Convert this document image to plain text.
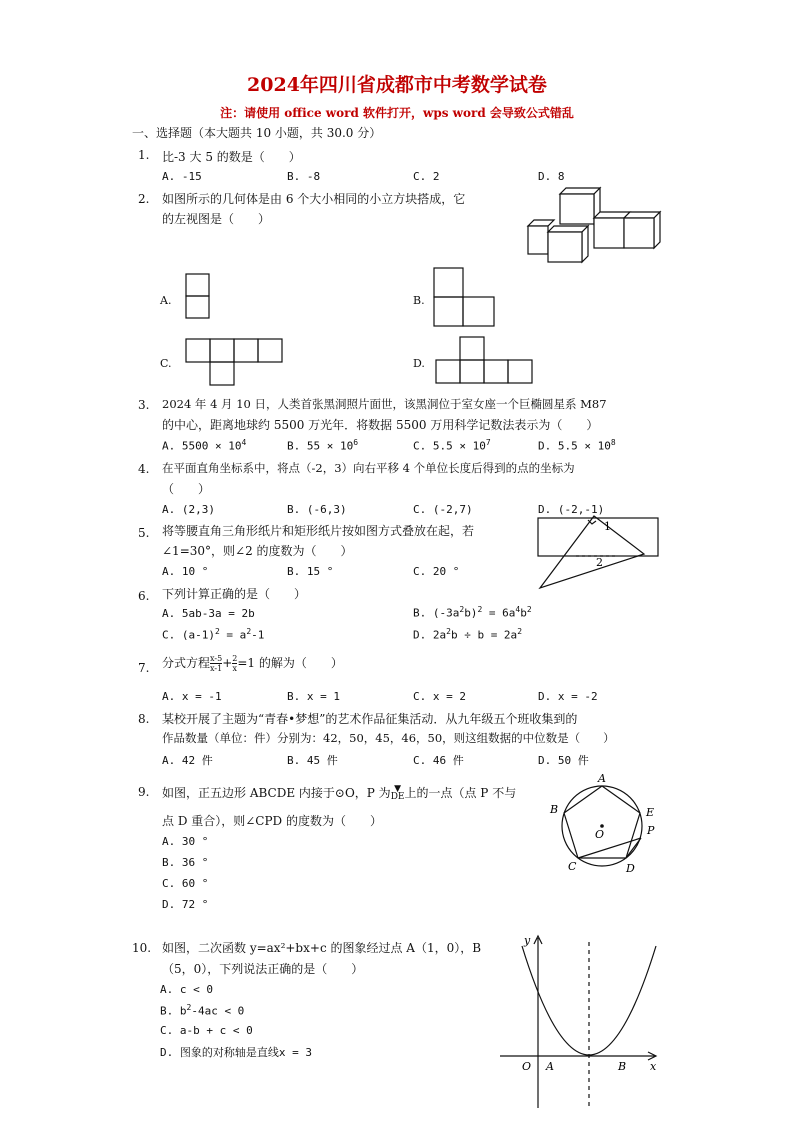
2024年四川省成都市中考数学试卷
注：请使用 office word 软件打开，wps word 会导致公式错乱
一、选择题（本大题共 10 小题，共 30.0 分）
1. 比-3 大 5 的数是（　　）
A. -15	B. -8	C. 2	D. 8
2. 如图所示的几何体是由 6 个大小相同的小立方块搭成，它
的左视图是（　　）
A.	B.
C.	D.
3. 2024 年 4 月 10 日，人类首张黑洞照片面世，该黑洞位于室女座一个巨椭圆星系 M87
的中心，距离地球约 5500 万光年．将数据 5500 万用科学记数法表示为（　　）
A. $5500 \times 10^4$	B. $55 \times 10^6$	C. $5.5 \times 10^7$	D. $5.5 \times 10^8$
4. 在平面直角坐标系中，将点（-2，3）向右平移 4 个单位长度后得到的点的坐标为
（　　）
A. (2,3)	B. (-6,3)	C. (-2,7)	D. (-2,-1)
5. 将等腰直角三角形纸片和矩形纸片按如图方式叠放在起，若
∠1=30°，则∠2 的度数为（　　）
A. 10 °	B. 15 °	C. 20 °
1
2
6. 下列计算正确的是（　　）
A. 5ab-3a = 2b	B. $(-3a^2b)^2 = 6a^4b^2$
C. $(a-1)^2 = a^2-1$	D. $2a^2b \div b = 2a^2$
7. 分式方程 $\frac{x-5}{x-1} + \frac{2}{x} =1$ 的解为（　　）
A. x = -1	B. x = 1	C. x = 2	D. x = -2
8. 某校开展了主题为“青春•梦想”的艺术作品征集活动．从九年级五个班收集到的
作品数量（单位：件）分别为：42，50，45，46，50，则这组数据的中位数是（　　）
A. 42 件	B. 45 件	C. 46 件	D. 50 件
9. 如图，正五边形 ABCDE 内接于⊙O，P 为 ▼
DE上的一点（点 P 不与
点 D 重合），则∠CPD 的度数为（　　）
A. 30 °
B. 36 °
C. 60 °
D. 72 °
A
B
C	D
E
P
O
10. 如图，二次函数 y=ax²+bx+c 的图象经过点 A（1，0），B
（5，0），下列说法正确的是（　　）
A. c < 0
B. $b^2-4ac < 0$
C. a-b + c < 0
D. 图象的对称轴是直线x = 3
y
x
O A	B
